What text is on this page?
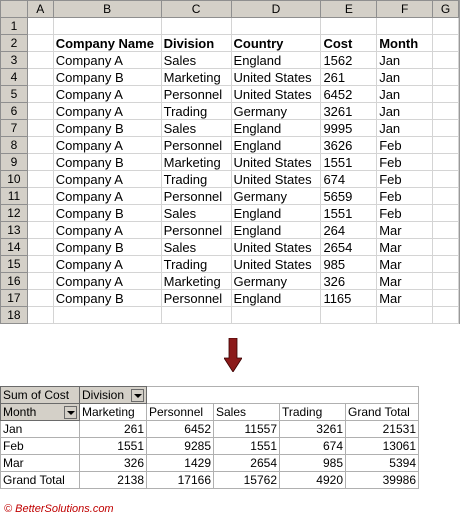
	A	B	C	D	E	F	G
1							
2		Company Name	Division	Country	Cost	Month	
3		Company A	Sales	England	1562	Jan	
4		Company B	Marketing	United States	261	Jan	
5		Company A	Personnel	United States	6452	Jan	
6		Company A	Trading	Germany	3261	Jan	
7		Company B	Sales	England	9995	Jan	
8		Company A	Personnel	England	3626	Feb	
9		Company B	Marketing	United States	1551	Feb	
10		Company A	Trading	United States	674	Feb	
11		Company A	Personnel	Germany	5659	Feb	
12		Company B	Sales	England	1551	Feb	
13		Company A	Personnel	England	264	Mar	
14		Company B	Sales	United States	2654	Mar	
15		Company A	Trading	United States	985	Mar	
16		Company A	Marketing	Germany	326	Mar	
17		Company B	Personnel	England	1165	Mar	
18							
Sum of Cost	Division			

Month	Marketing	Personnel	Sales	Trading	Grand Total
Jan	261	6452	11557	3261	21531
Feb	1551	9285	1551	674	13061
Mar	326	1429	2654	985	5394
Grand Total	2138	17166	15762	4920	39986
© BetterSolutions.com
